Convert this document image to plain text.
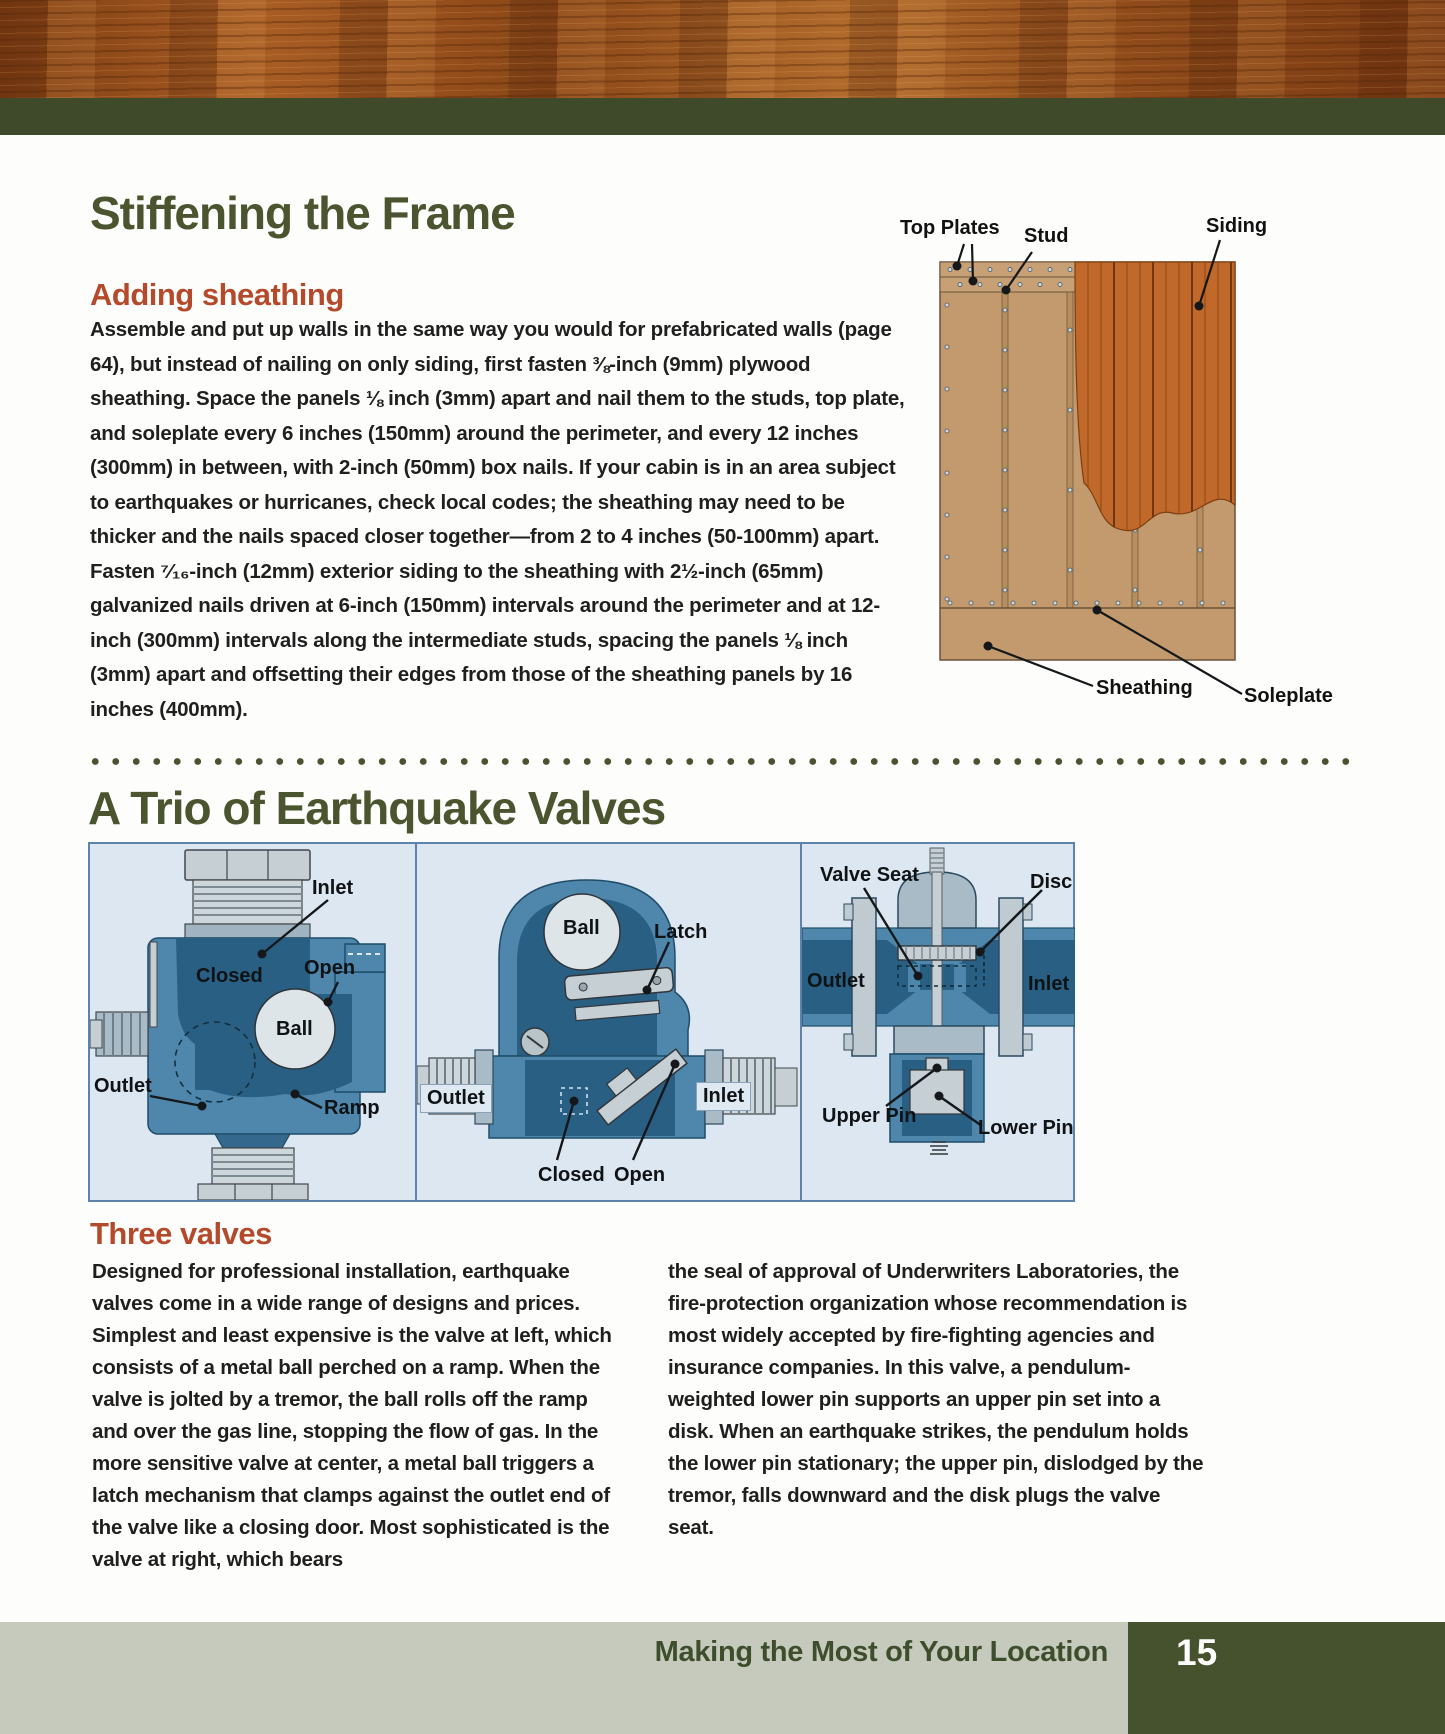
Stiffening the Frame
Adding sheathing
Assemble and put up walls in the same way you would for prefabricated walls (page 64), but instead of nailing on only siding, first fasten ⅜-inch (9mm) plywood sheathing. Space the panels ⅛ inch (3mm) apart and nail them to the studs, top plate, and soleplate every 6 inches (150mm) around the perimeter, and every 12 inches (300mm) in between, with 2-inch (50mm) box nails. If your cabin is in an area subject to earthquakes or hurricanes, check local codes; the sheathing may need to be thicker and the nails spaced closer together—from 2 to 4 inches (50-100mm) apart. Fasten ⁷⁄₁₆-inch (12mm) exterior siding to the sheathing with 2½-inch (65mm) galvanized nails driven at 6-inch (150mm) intervals around the perimeter and at 12-inch (300mm) intervals along the intermediate studs, spacing the panels ⅛ inch (3mm) apart and offsetting their edges from those of the sheathing panels by 16 inches (400mm).
Top Plates Stud	Siding
Sheathing	Soleplate
A Trio of Earthquake Valves
Inlet
Closed Open
Ball
Outlet
Ramp
Ball	Latch
Outlet	Inlet
Closed Open
Valve Seat	Disc
Outlet	Inlet
Upper Pin
Lower Pin
Three valves
Designed for professional installation, earthquake valves come in a wide range of designs and prices. Simplest and least expensive is the valve at left, which consists of a metal ball perched on a ramp. When the valve is jolted by a tremor, the ball rolls off the ramp and over the gas line, stopping the flow of gas. In the more sensitive valve at center, a metal ball triggers a latch mechanism that clamps against the outlet end of the valve like a closing door. Most sophisticated is the valve at right, which bears
the seal of approval of Underwriters Laboratories, the fire-protection organization whose recommendation is most widely accepted by fire-fighting agencies and insurance companies. In this valve, a pendulum-weighted lower pin supports an upper pin set into a disk. When an earthquake strikes, the pendulum holds the lower pin stationary; the upper pin, dislodged by the tremor, falls downward and the disk plugs the valve seat.
Making the Most of Your Location 15
